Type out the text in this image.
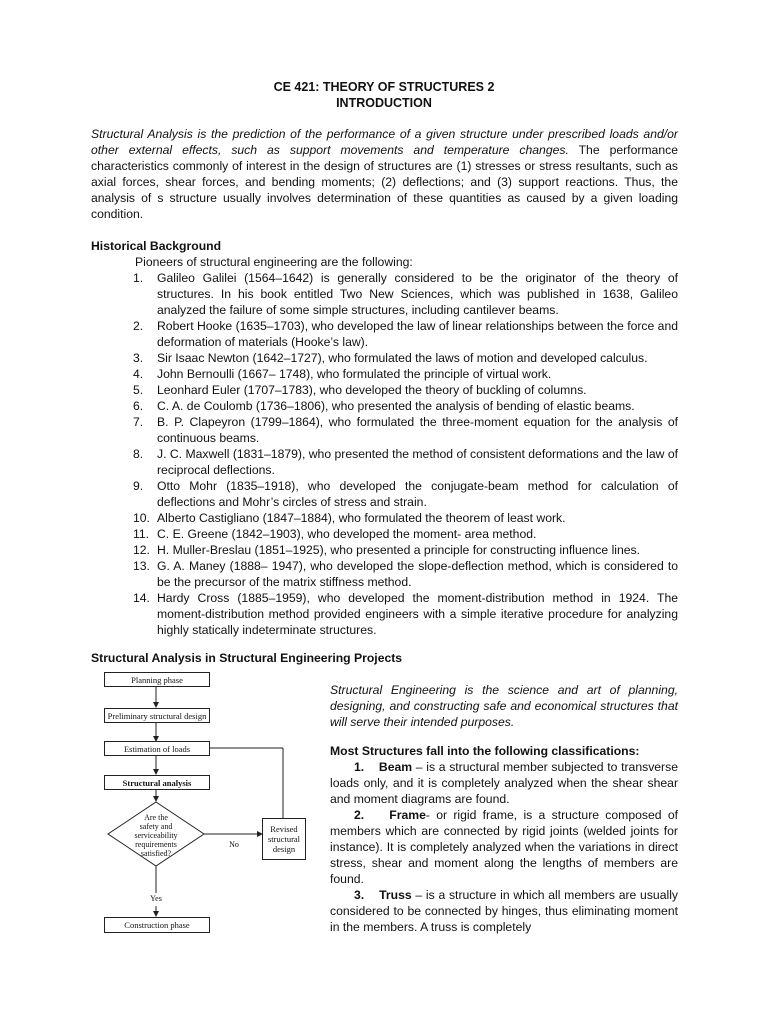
CE 421: THEORY OF STRUCTURES 2
INTRODUCTION
Structural Analysis is the prediction of the performance of a given structure under prescribed loads and/or other external effects, such as support movements and temperature changes. The performance characteristics commonly of interest in the design of structures are (1) stresses or stress resultants, such as axial forces, shear forces, and bending moments; (2) deflections; and (3) support reactions. Thus, the analysis of s structure usually involves determination of these quantities as caused by a given loading condition.
Historical Background
Pioneers of structural engineering are the following:
1. Galileo Galilei (1564–1642) is generally considered to be the originator of the theory of structures. In his book entitled Two New Sciences, which was published in 1638, Galileo analyzed the failure of some simple structures, including cantilever beams.
2. Robert Hooke (1635–1703), who developed the law of linear relationships between the force and deformation of materials (Hooke’s law).
3. Sir Isaac Newton (1642–1727), who formulated the laws of motion and developed calculus.
4. John Bernoulli (1667– 1748), who formulated the principle of virtual work.
5. Leonhard Euler (1707–1783), who developed the theory of buckling of columns.
6. C. A. de Coulomb (1736–1806), who presented the analysis of bending of elastic beams.
7. B. P. Clapeyron (1799–1864), who formulated the three-moment equation for the analysis of continuous beams.
8. J. C. Maxwell (1831–1879), who presented the method of consistent deformations and the law of reciprocal deflections.
9. Otto Mohr (1835–1918), who developed the conjugate-beam method for calculation of deflections and Mohr’s circles of stress and strain.
10. Alberto Castigliano (1847–1884), who formulated the theorem of least work.
11. C. E. Greene (1842–1903), who developed the moment- area method.
12. H. Muller-Breslau (1851–1925), who presented a principle for constructing influence lines.
13. G. A. Maney (1888– 1947), who developed the slope-deflection method, which is considered to be the precursor of the matrix stiffness method.
14. Hardy Cross (1885–1959), who developed the moment-distribution method in 1924. The moment-distribution method provided engineers with a simple iterative procedure for analyzing highly statically indeterminate structures.
Structural Analysis in Structural Engineering Projects
Planning phase
Preliminary structural design
Estimation of loads
Structural analysis
Are the
safety and
serviceability
requirements
satisfied?
No
Revised
structural
design
Yes
Construction phase
Structural Engineering is the science and art of planning, designing, and constructing safe and economical structures that will serve their intended purposes.
Most Structures fall into the following classifications:
1.    Beam – is a structural member subjected to transverse loads only, and it is completely analyzed when the shear shear and moment diagrams are found.
2.    Frame- or rigid frame, is a structure composed of members which are connected by rigid joints (welded joints for instance). It is completely analyzed when the variations in direct stress, shear and moment along the lengths of members are found.
3.    Truss – is a structure in which all members are usually considered to be connected by hinges, thus eliminating moment in the members. A truss is completely
